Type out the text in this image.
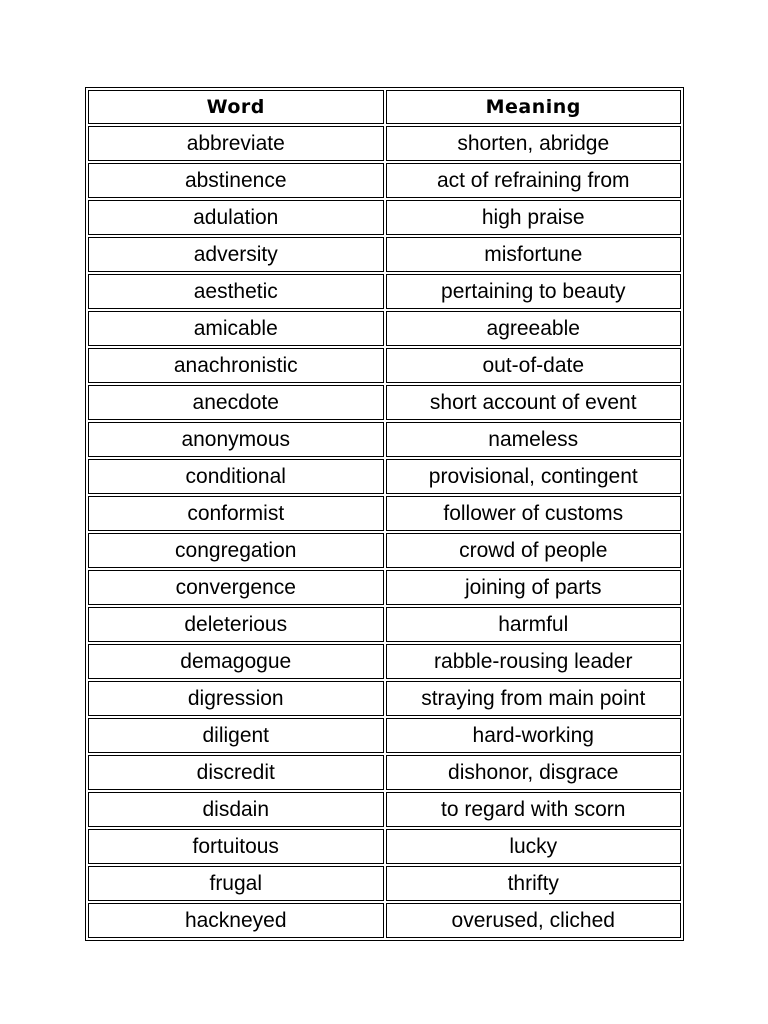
Word	Meaning
abbreviate	shorten, abridge
abstinence	act of refraining from
adulation	high praise
adversity	misfortune
aesthetic	pertaining to beauty
amicable	agreeable
anachronistic	out-of-date
anecdote	short account of event
anonymous	nameless
conditional	provisional, contingent
conformist	follower of customs
congregation	crowd of people
convergence	joining of parts
deleterious	harmful
demagogue	rabble-rousing leader
digression	straying from main point
diligent	hard-working
discredit	dishonor, disgrace
disdain	to regard with scorn
fortuitous	lucky
frugal	thrifty
hackneyed	overused, cliched
